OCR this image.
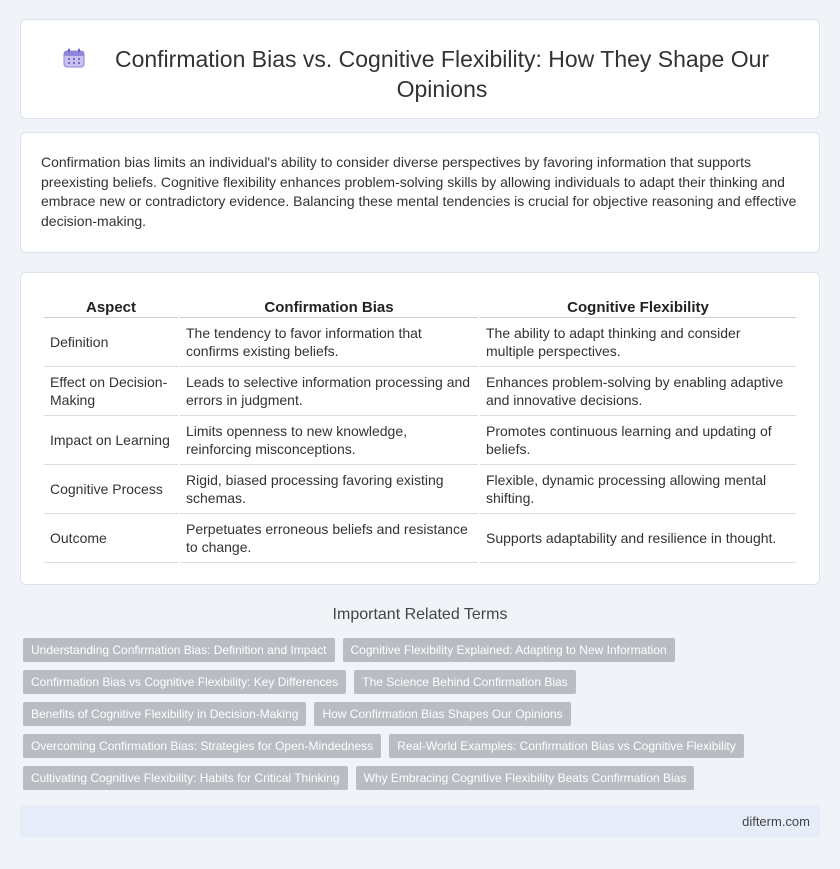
Confirmation Bias vs. Cognitive Flexibility: How They Shape Our Opinions

Confirmation bias limits an individual's ability to consider diverse perspectives by favoring information that supports preexisting beliefs. Cognitive flexibility enhances problem-solving skills by allowing individuals to adapt their thinking and embrace new or contradictory evidence. Balancing these mental tendencies is crucial for objective reasoning and effective decision-making.

Aspect	Confirmation Bias	Cognitive Flexibility
Definition	The tendency to favor information that confirms existing beliefs.	The ability to adapt thinking and consider multiple perspectives.
Effect on Decision-Making	Leads to selective information processing and errors in judgment.	Enhances problem-solving by enabling adaptive and innovative decisions.
Impact on Learning	Limits openness to new knowledge, reinforcing misconceptions.	Promotes continuous learning and updating of beliefs.
Cognitive Process	Rigid, biased processing favoring existing schemas.	Flexible, dynamic processing allowing mental shifting.
Outcome	Perpetuates erroneous beliefs and resistance to change.	Supports adaptability and resilience in thought.
Important Related Terms
Understanding Confirmation Bias: Definition and Impact	Cognitive Flexibility Explained: Adapting to New Information
Confirmation Bias vs Cognitive Flexibility: Key Differences	The Science Behind Confirmation Bias
Benefits of Cognitive Flexibility in Decision-Making	How Confirmation Bias Shapes Our Opinions
Overcoming Confirmation Bias: Strategies for Open-Mindedness	Real-World Examples: Confirmation Bias vs Cognitive Flexibility
Cultivating Cognitive Flexibility: Habits for Critical Thinking	Why Embracing Cognitive Flexibility Beats Confirmation Bias
difterm.com
